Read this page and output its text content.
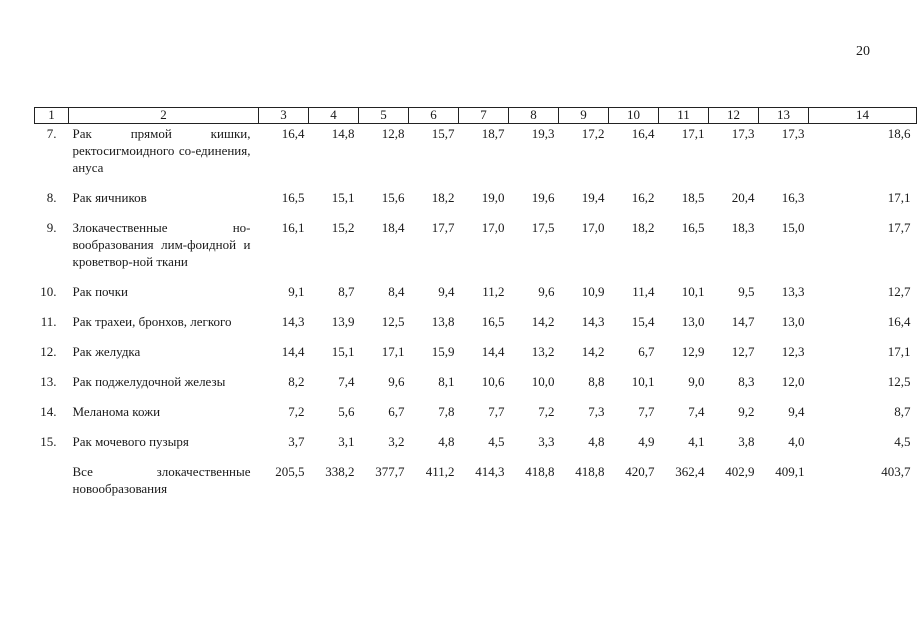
20
1	2	3	4	5	6	7	8	9	10	11	12	13	14
7.	Рак прямой кишки, ректосигмоидного со-единения, ануса	16,4	14,8	12,8	15,7	18,7	19,3	17,2	16,4	17,1	17,3	17,3	18,6
8.	Рак яичников	16,5	15,1	15,6	18,2	19,0	19,6	19,4	16,2	18,5	20,4	16,3	17,1
9.	Злокачественные но-вообразования лим-фоидной и кроветвор-ной ткани	16,1	15,2	18,4	17,7	17,0	17,5	17,0	18,2	16,5	18,3	15,0	17,7
10.	Рак почки	9,1	8,7	8,4	9,4	11,2	9,6	10,9	11,4	10,1	9,5	13,3	12,7
11.	Рак трахеи, бронхов, легкого	14,3	13,9	12,5	13,8	16,5	14,2	14,3	15,4	13,0	14,7	13,0	16,4
12.	Рак желудка	14,4	15,1	17,1	15,9	14,4	13,2	14,2	6,7	12,9	12,7	12,3	17,1
13.	Рак поджелудочной железы	8,2	7,4	9,6	8,1	10,6	10,0	8,8	10,1	9,0	8,3	12,0	12,5
14.	Меланома кожи	7,2	5,6	6,7	7,8	7,7	7,2	7,3	7,7	7,4	9,2	9,4	8,7
15.	Рак мочевого пузыря	3,7	3,1	3,2	4,8	4,5	3,3	4,8	4,9	4,1	3,8	4,0	4,5
	Все злокачественные новообразования	205,5	338,2	377,7	411,2	414,3	418,8	418,8	420,7	362,4	402,9	409,1	403,7
